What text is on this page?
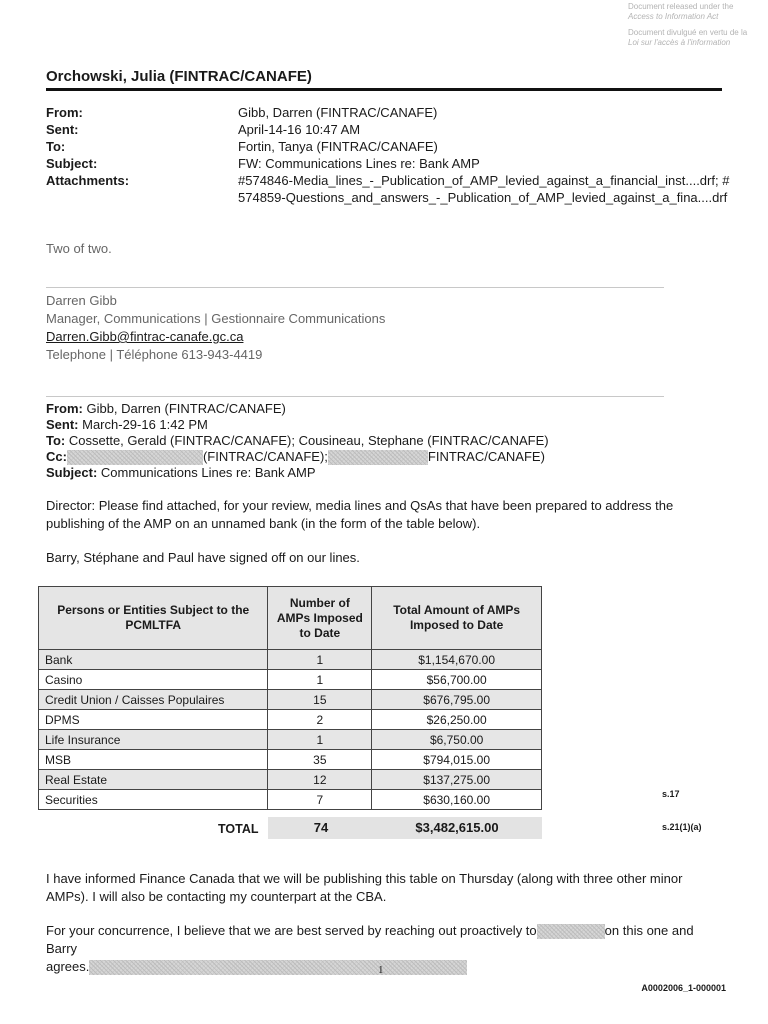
Document released under the
Access to Information Act
Document divulgué en vertu de la
Loi sur l'accès à l'information
Orchowski, Julia (FINTRAC/CANAFE)
From:	Gibb, Darren (FINTRAC/CANAFE)
Sent:	April-14-16 10:47 AM
To:	Fortin, Tanya (FINTRAC/CANAFE)
Subject:	FW: Communications Lines re: Bank AMP
Attachments:	#574846-Media_lines_-_Publication_of_AMP_levied_against_a_financial_inst....drf; #
574859-Questions_and_answers_-_Publication_of_AMP_levied_against_a_fina....drf
Two of two.
Darren Gibb
Manager, Communications | Gestionnaire Communications
Darren.Gibb@fintrac-canafe.gc.ca
Telephone | Téléphone 613-943-4419
From: Gibb, Darren (FINTRAC/CANAFE)
Sent: March-29-16 1:42 PM
To: Cossette, Gerald (FINTRAC/CANAFE); Cousineau, Stephane (FINTRAC/CANAFE)
Cc:	(FINTRAC/CANAFE);	FINTRAC/CANAFE)
Subject: Communications Lines re: Bank AMP
Director: Please find attached, for your review, media lines and QsAs that have been prepared to address the publishing of the AMP on an unnamed bank (in the form of the table below).
Barry, Stéphane and Paul have signed off on our lines.
Persons or Entities Subject to the PCMLTFA	Number of AMPs Imposed to Date	Total Amount of AMPs Imposed to Date
Bank	1	$1,154,670.00
Casino	1	$56,700.00
Credit Union / Caisses Populaires	15	$676,795.00
DPMS	2	$26,250.00
Life Insurance	1	$6,750.00
MSB	35	$794,015.00
Real Estate	12	$137,275.00
Securities	7	$630,160.00
TOTAL	74	$3,482,615.00
s.17
s.21(1)(a)
I have informed Finance Canada that we will be publishing this table on Thursday (along with three other minor AMPs). I will also be contacting my counterpart at the CBA.
For your concurrence, I believe that we are best served by reaching out proactively to	on this one and Barry
agrees.	1
A0002006_1-000001
